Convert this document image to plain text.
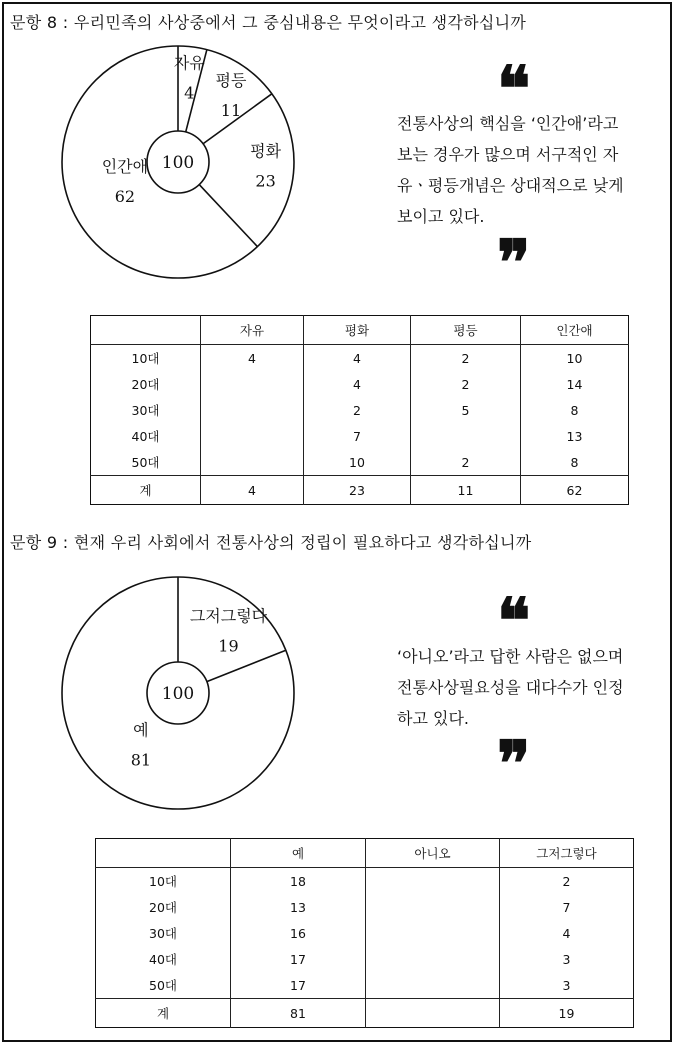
문항 8 : 우리민족의 사상중에서 그 중심내용은 무엇이라고 생각하십니까
인간애
62
평화
23
평등
11
자유
4
100
❝
전통사상의 핵심을 ‘인간애’라고
보는 경우가 많으며 서구적인 자
유ㆍ평등개념은 상대적으로 낮게
보이고 있다.
❞
	자유	평화	평등	인간애
10대	4	4	2	10
20대		4	2	14
30대		2	5	8
40대		7		13
50대		10	2	8
계	4	23	11	62
문항 9 : 현재 우리 사회에서 전통사상의 정립이 필요하다고 생각하십니까
예
81
그저그렇다
19
100
❝
‘아니오’라고 답한 사람은 없으며
전통사상필요성을 대다수가 인정
하고 있다.
❞
	예	아니오	그저그렇다
10대	18		2
20대	13		7
30대	16		4
40대	17		3
50대	17		3
계	81		19
